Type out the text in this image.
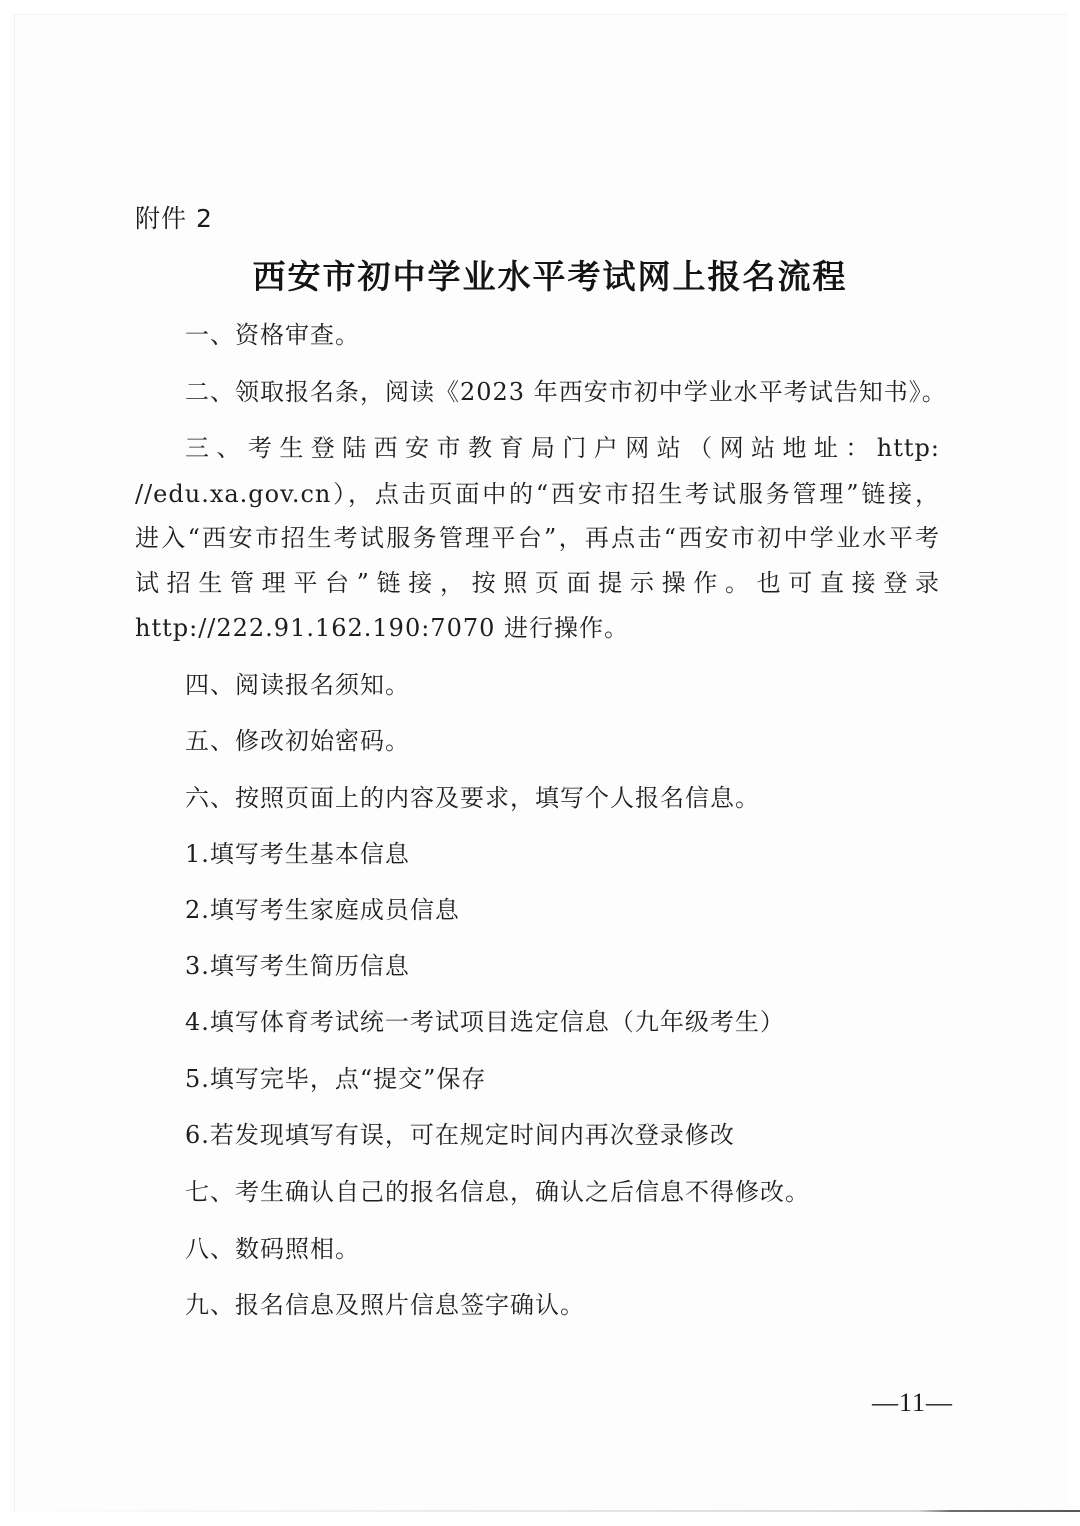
附件 2
西安市初中学业水平考试网上报名流程
一、资格审查。
二、领取报名条，阅读《2023 年西安市初中学业水平考试告知书》。
三、考生登陆西安市教育局门户网站（网站地址：http:
//edu.xa.gov.cn），点击页面中的“西安市招生考试服务管理”链接，
进入“西安市招生考试服务管理平台”，再点击“西安市初中学业水平考
试招生管理平台”链接，按照页面提示操作。也可直接登录
http://222.91.162.190:7070 进行操作。
四、阅读报名须知。
五、修改初始密码。
六、按照页面上的内容及要求，填写个人报名信息。
1.填写考生基本信息
2.填写考生家庭成员信息
3.填写考生简历信息
4.填写体育考试统一考试项目选定信息（九年级考生）
5.填写完毕，点“提交”保存
6.若发现填写有误，可在规定时间内再次登录修改
七、考生确认自己的报名信息，确认之后信息不得修改。
八、数码照相。
九、报名信息及照片信息签字确认。
—11—
